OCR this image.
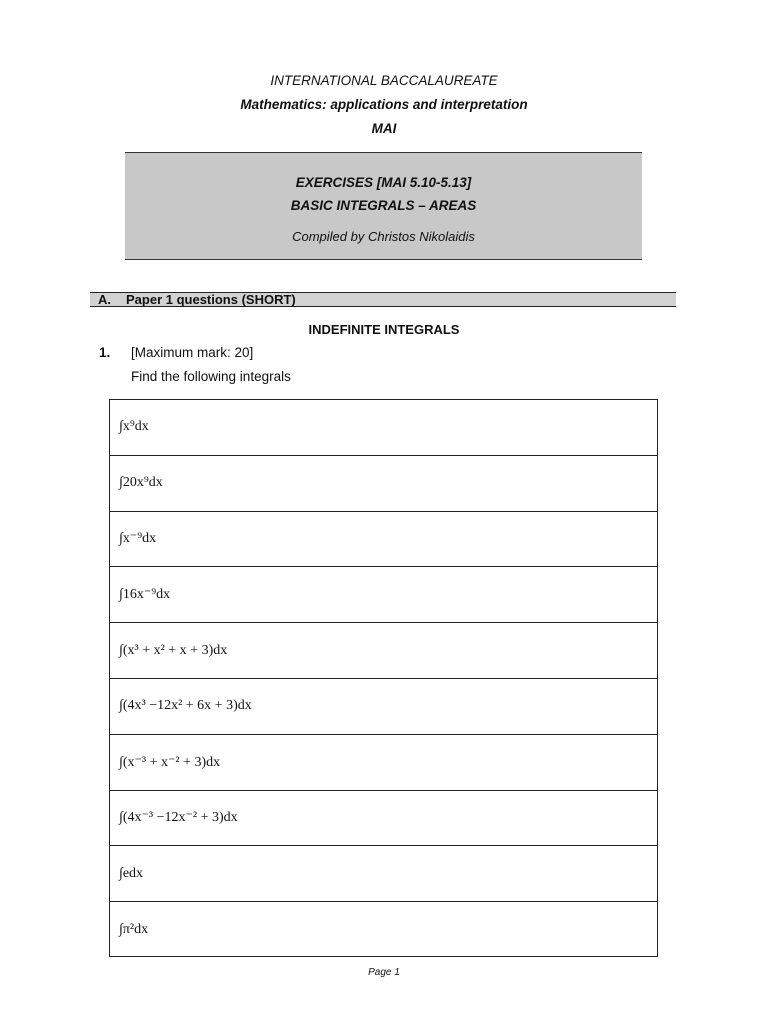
INTERNATIONAL BACCALAUREATE
Mathematics: applications and interpretation
MAI
EXERCISES [MAI 5.10-5.13]
BASIC INTEGRALS – AREAS
Compiled by Christos Nikolaidis
A. Paper 1 questions (SHORT)
INDEFINITE INTEGRALS
1. [Maximum mark: 20]
Find the following integrals
∫x⁹dx
∫20x⁹dx
∫x⁻⁹dx
∫16x⁻⁹dx
∫(x³ + x² + x + 3)dx
∫(4x³ −12x² + 6x + 3)dx
∫(x⁻³ + x⁻² + 3)dx
∫(4x⁻³ −12x⁻² + 3)dx
∫edx
∫π²dx
Page 1
